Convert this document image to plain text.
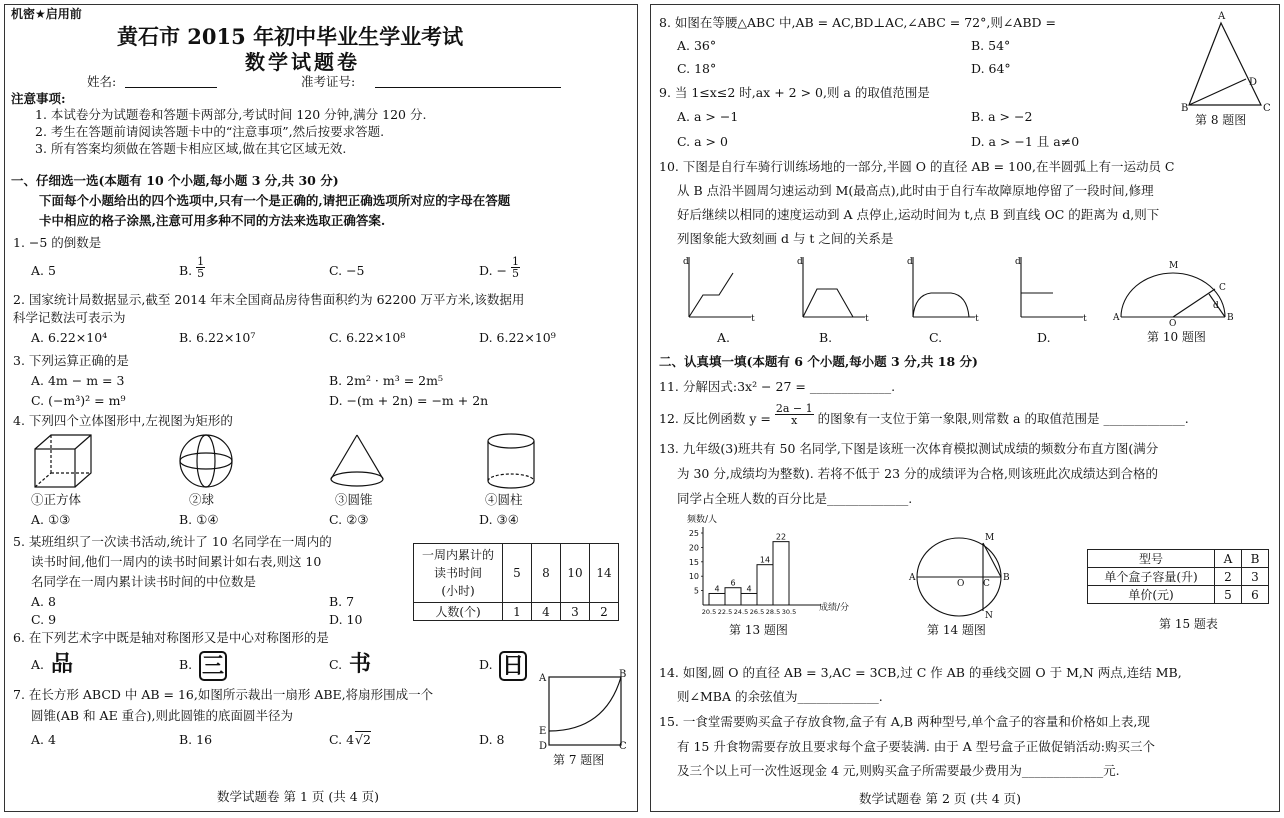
机密★启用前
黄石市 2015 年初中毕业生学业考试
数学试题卷
姓名:	准考证号:
注意事项:
1. 本试卷分为试题卷和答题卡两部分,考试时间 120 分钟,满分 120 分.
2. 考生在答题前请阅读答题卡中的“注意事项”,然后按要求答题.
3. 所有答案均须做在答题卡相应区域,做在其它区域无效.
一、仔细选一选(本题有 10 个小题,每小题 3 分,共 30 分)
下面每个小题给出的四个选项中,只有一个是正确的,请把正确选项所对应的字母在答题
卡中相应的格子涂黑,注意可用多种不同的方法来选取正确答案.
1. −5 的倒数是
A. 5	B. $\frac{1}{5}$	C. −5	D. − $\frac{1}{5}$
2. 国家统计局数据显示,截至 2014 年末全国商品房待售面积约为 62200 万平方米,该数据用
科学记数法可表示为
A. 6.22×10⁴	B. 6.22×10⁷	C. 6.22×10⁸	D. 6.22×10⁹
3. 下列运算正确的是
A. 4m − m = 3	B. 2m² · m³ = 2m⁵
C. (−m³)² = m⁹	D. −(m + 2n) = −m + 2n
4. 下列四个立体图形中,左视图为矩形的
①正方体	②球	③圆锥	④圆柱
A. ①③	B. ①④	C. ②③	D. ③④
5. 某班组织了一次读书活动,统计了 10 名同学在一周内的
读书时间,他们一周内的读书时间累计如右表,则这 10
名同学在一周内累计读书时间的中位数是
A. 8	B. 7
C. 9	D. 10
一周内累计的
读书时间
(小时)	5	8	10	14
人数(个)	1	4	3	2
6. 在下列艺术字中既是轴对称图形又是中心对称图形的是
A. 品	B. 三	C. 书	D. 日
7. 在长方形 ABCD 中 AB = 16,如图所示裁出一扇形 ABE,将扇形围成一个
圆锥(AB 和 AE 重合),则此圆锥的底面圆半径为
A. 4	B. 16	C. 4√2	D. 8
A	B
E
D	C
第 7 题图
数学试题卷 第 1 页 (共 4 页)
8. 如图在等腰△ABC 中,AB = AC,BD⊥AC,∠ABC = 72°,则∠ABD =
A. 36°	B. 54°
C. 18°	D. 64°
A
B	C
D
第 8 题图
9. 当 1≤x≤2 时,ax + 2 > 0,则 a 的取值范围是
A. a > −1	B. a > −2
C. a > 0	D. a > −1 且 a≠0
10. 下图是自行车骑行训练场地的一部分,半圆 O 的直径 AB = 100,在半圆弧上有一运动员 C
从 B 点沿半圆周匀速运动到 M(最高点),此时由于自行车故障原地停留了一段时间,修理
好后继续以相同的速度运动到 A 点停止,运动时间为 t,点 B 到直线 OC 的距离为 d,则下
列图象能大致刻画 d 与 t 之间的关系是
d
t
d
t
d
t
d
t
A.	B.	C.	D.
M
C
d
A
O
B
第 10 题图
二、认真填一填(本题有 6 个小题,每小题 3 分,共 18 分)
11. 分解因式:3x² − 27 = _____________.
12. 反比例函数 $y = \frac{2a - 1}{x}$ 的图象有一支位于第一象限,则常数 a 的取值范围是 _____________.
13. 九年级(3)班共有 50 名同学,下图是该班一次体育模拟测试成绩的频数分布直方图(满分
为 30 分,成绩均为整数). 若将不低于 23 分的成绩评为合格,则该班此次成绩达到合格的
同学占全班人数的百分比是_____________.
频数/人
成绩/分
5
10
15
20
25
4
6
4
14
22
20.5 22.5 24.5 26.5 28.5 30.5
第 13 题图
M
A
O C
B
N
第 14 题图
型号	A	B
单个盒子容量(升)	2	3
单价(元)	5	6
第 15 题表
14. 如图,圆 O 的直径 AB = 3,AC = 3CB,过 C 作 AB 的垂线交圆 O 于 M,N 两点,连结 MB,
则∠MBA 的余弦值为_____________.
15. 一食堂需要购买盒子存放食物,盒子有 A,B 两种型号,单个盒子的容量和价格如上表,现
有 15 升食物需要存放且要求每个盒子要装满. 由于 A 型号盒子正做促销活动:购买三个
及三个以上可一次性返现金 4 元,则购买盒子所需要最少费用为_____________元.
数学试题卷 第 2 页 (共 4 页)
